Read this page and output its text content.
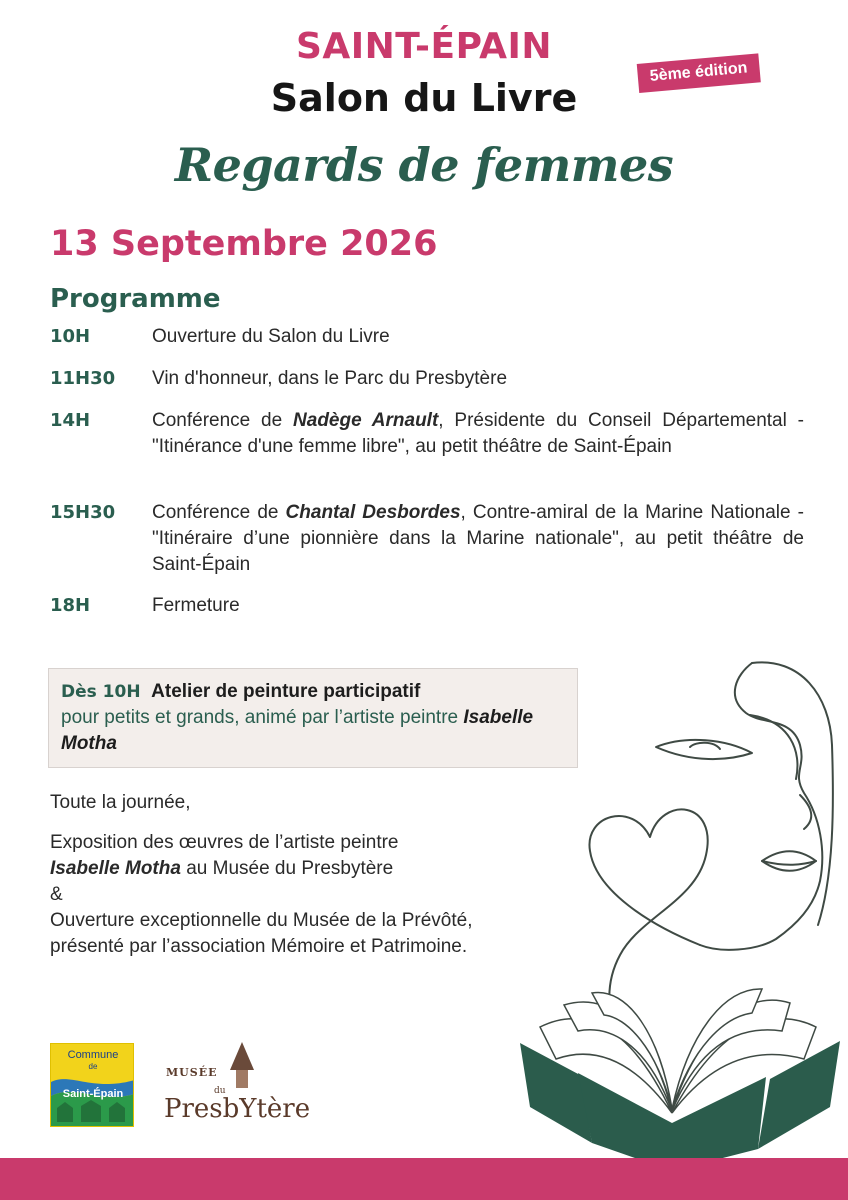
SAINT-ÉPAIN
Salon du Livre
5ème édition
Regards de femmes
13 Septembre 2026
Programme
10H	Ouverture du Salon du Livre
11H30 Vin d'honneur, dans le Parc du Presbytère
14H	Conférence de Nadège Arnault, Présidente du Conseil Départemental - "Itinérance d'une femme libre", au petit théâtre de Saint-Épain
15H30 Conférence de Chantal Desbordes, Contre-amiral de la Marine Nationale - "Itinéraire d’une pionnière dans la Marine nationale", au petit théâtre de Saint-Épain
18H	Fermeture
Dès 10H Atelier de peinture participatif
pour petits et grands, animé par l’artiste peintre Isabelle Motha

Toute la journée,

Exposition des œuvres de l’artiste peintre
Isabelle Motha au Musée du Presbytère
&
Ouverture exceptionnelle du Musée de la Prévôté, présenté par l’association Mémoire et Patrimoine.

Commune
de
Saint-Épain
MUSÉE
du
PresbYtère
